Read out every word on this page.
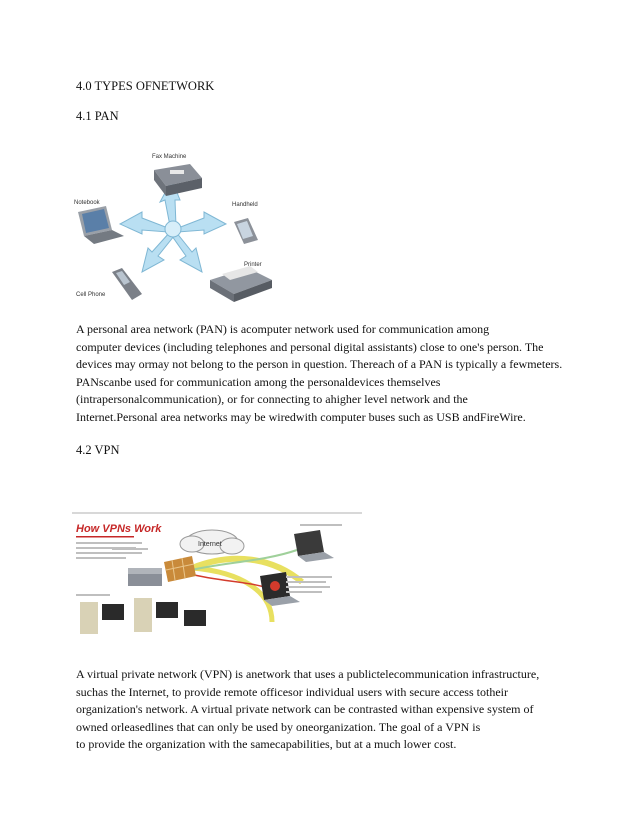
4.0 TYPES OFNETWORK
4.1 PAN
Fax Machine
Notebook	Handheld
Printer
Cell Phone
A personal area network (PAN) is acomputer network used for communication among
computer devices (including telephones and personal digital assistants) close to one's person. The
devices may ormay not belong to the person in question. Thereach of a PAN is typically a fewmeters.
PANscanbe used for communication among the personaldevices themselves
(intrapersonalcommunication), or for connecting to ahigher level network and the
Internet.Personal area networks may be wiredwith computer buses such as USB andFireWire.
4.2 VPN
How VPNs Work
Internet
A virtual private network (VPN) is anetwork that uses a publictelecommunication infrastructure,
suchas the Internet, to provide remote officesor individual users with secure access totheir
organization's network. A virtual private network can be contrasted withan expensive system of
owned orleasedlines that can only be used by oneorganization. The goal of a VPN is
to provide the organization with the samecapabilities, but at a much lower cost.
